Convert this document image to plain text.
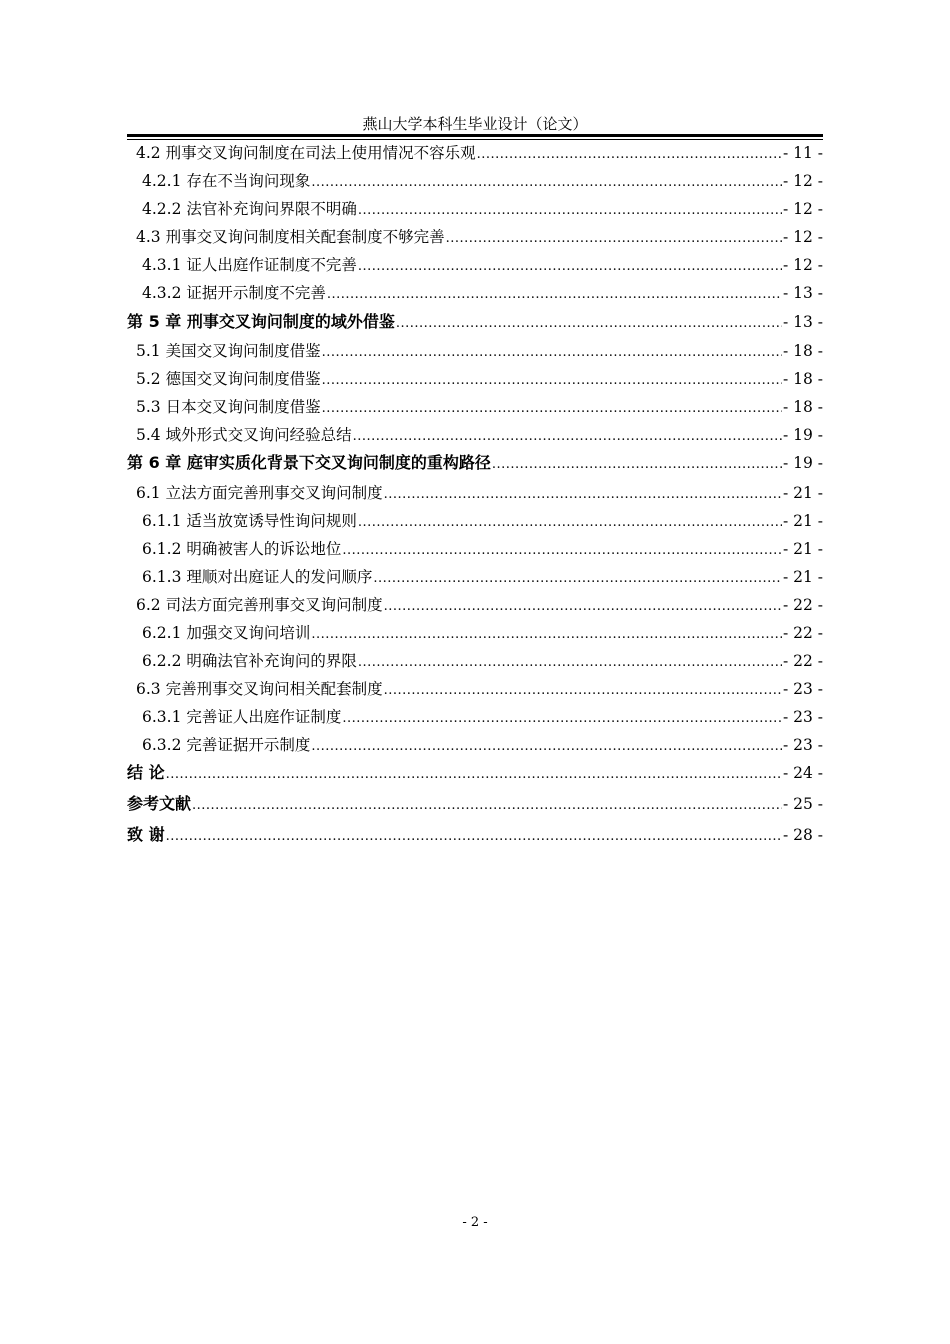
燕山大学本科生毕业设计（论文）
4.2 刑事交叉询问制度在司法上使用情况不容乐观 .....	- 11 -
4.2.1 存在不当询问现象 .....	- 12 -
4.2.2 法官补充询问界限不明确 .....	- 12 -
4.3 刑事交叉询问制度相关配套制度不够完善 .....	- 12 -
4.3.1 证人出庭作证制度不完善 .....	- 12 -
4.3.2 证据开示制度不完善 .....	- 13 -
第 5 章 刑事交叉询问制度的域外借鉴 .....	- 13 -
5.1 美国交叉询问制度借鉴 .....	- 18 -
5.2 德国交叉询问制度借鉴 .....	- 18 -
5.3 日本交叉询问制度借鉴 .....	- 18 -
5.4 域外形式交叉询问经验总结 .....	- 19 -
第 6 章 庭审实质化背景下交叉询问制度的重构路径 .....	- 19 -
6.1 立法方面完善刑事交叉询问制度 .....	- 21 -
6.1.1 适当放宽诱导性询问规则 .....	- 21 -
6.1.2 明确被害人的诉讼地位 .....	- 21 -
6.1.3 理顺对出庭证人的发问顺序 .....	- 21 -
6.2 司法方面完善刑事交叉询问制度 .....	- 22 -
6.2.1 加强交叉询问培训 .....	- 22 -
6.2.2 明确法官补充询问的界限 .....	- 22 -
6.3 完善刑事交叉询问相关配套制度 .....	- 23 -
6.3.1 完善证人出庭作证制度 .....	- 23 -
6.3.2 完善证据开示制度 .....	- 23 -
结 论 .....	- 24 -
参考文献 .....	- 25 -
致 谢 .....	- 28 -
- 2 -
